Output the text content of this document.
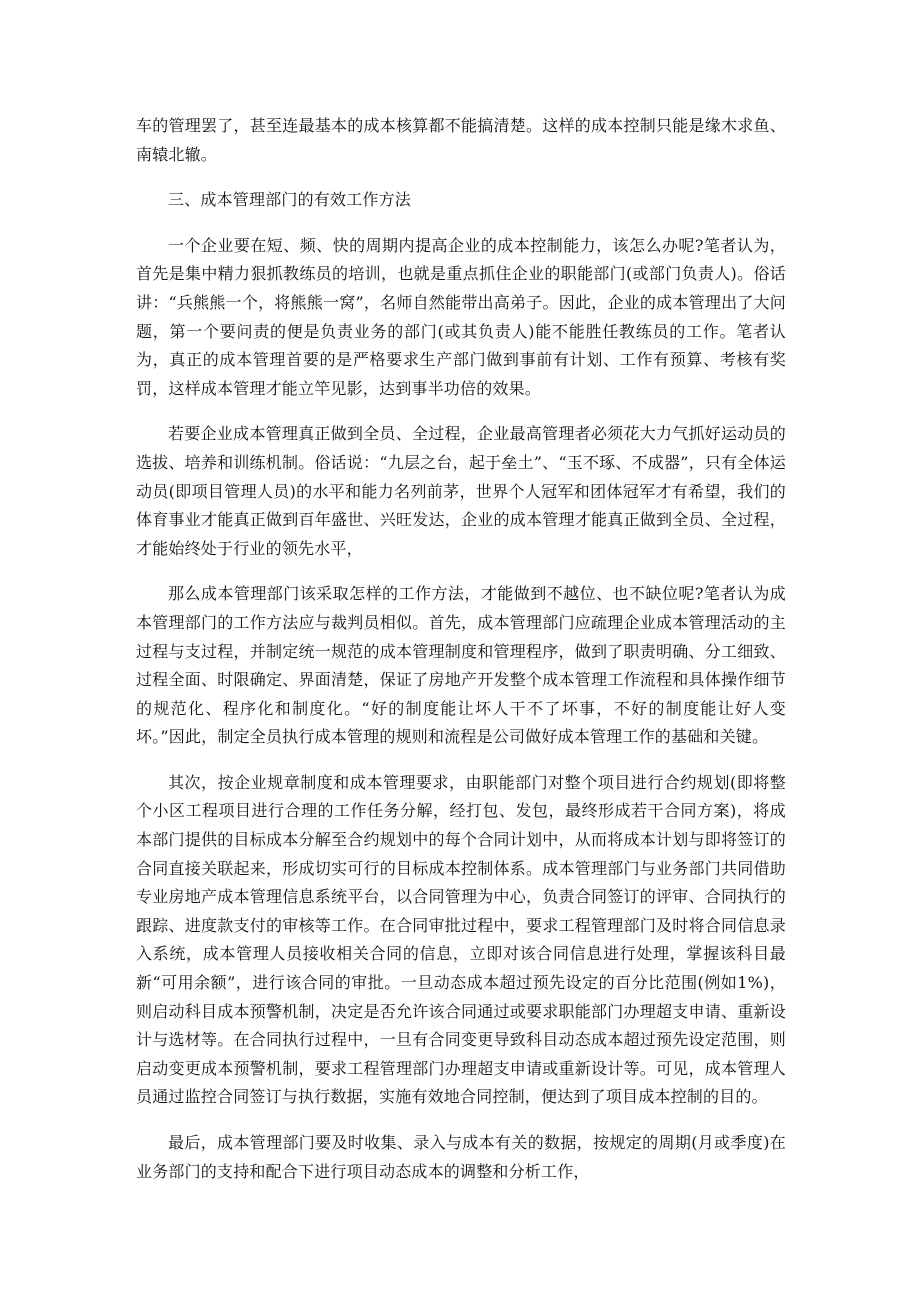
车的管理罢了，甚至连最基本的成本核算都不能搞清楚。这样的成本控制只能是缘木求鱼、南辕北辙。

三、成本管理部门的有效工作方法

一个企业要在短、频、快的周期内提高企业的成本控制能力，该怎么办呢?笔者认为，首先是集中精力狠抓教练员的培训，也就是重点抓住企业的职能部门(或部门负责人)。俗话讲：“兵熊熊一个，将熊熊一窝”，名师自然能带出高弟子。因此，企业的成本管理出了大问题，第一个要问责的便是负责业务的部门(或其负责人)能不能胜任教练员的工作。笔者认为，真正的成本管理首要的是严格要求生产部门做到事前有计划、工作有预算、考核有奖罚，这样成本管理才能立竿见影，达到事半功倍的效果。

若要企业成本管理真正做到全员、全过程，企业最高管理者必须花大力气抓好运动员的选拔、培养和训练机制。俗话说：“九层之台，起于垒土”、“玉不琢、不成器”，只有全体运动员(即项目管理人员)的水平和能力名列前茅，世界个人冠军和团体冠军才有希望，我们的体育事业才能真正做到百年盛世、兴旺发达，企业的成本管理才能真正做到全员、全过程，才能始终处于行业的领先水平，

那么成本管理部门该采取怎样的工作方法，才能做到不越位、也不缺位呢?笔者认为成本管理部门的工作方法应与裁判员相似。首先，成本管理部门应疏理企业成本管理活动的主过程与支过程，并制定统一规范的成本管理制度和管理程序，做到了职责明确、分工细致、过程全面、时限确定、界面清楚，保证了房地产开发整个成本管理工作流程和具体操作细节的规范化、程序化和制度化。“好的制度能让坏人干不了坏事，不好的制度能让好人变坏。”因此，制定全员执行成本管理的规则和流程是公司做好成本管理工作的基础和关键。

其次，按企业规章制度和成本管理要求，由职能部门对整个项目进行合约规划(即将整个小区工程项目进行合理的工作任务分解，经打包、发包，最终形成若干合同方案)，将成本部门提供的目标成本分解至合约规划中的每个合同计划中，从而将成本计划与即将签订的合同直接关联起来，形成切实可行的目标成本控制体系。成本管理部门与业务部门共同借助专业房地产成本管理信息系统平台，以合同管理为中心，负责合同签订的评审、合同执行的跟踪、进度款支付的审核等工作。在合同审批过程中，要求工程管理部门及时将合同信息录入系统，成本管理人员接收相关合同的信息，立即对该合同信息进行处理，掌握该科目最新“可用余额”，进行该合同的审批。一旦动态成本超过预先设定的百分比范围(例如1%)，则启动科目成本预警机制，决定是否允许该合同通过或要求职能部门办理超支申请、重新设计与选材等。在合同执行过程中，一旦有合同变更导致科目动态成本超过预先设定范围，则启动变更成本预警机制，要求工程管理部门办理超支申请或重新设计等。可见，成本管理人员通过监控合同签订与执行数据，实施有效地合同控制，便达到了项目成本控制的目的。

最后，成本管理部门要及时收集、录入与成本有关的数据，按规定的周期(月或季度)在业务部门的支持和配合下进行项目动态成本的调整和分析工作，
